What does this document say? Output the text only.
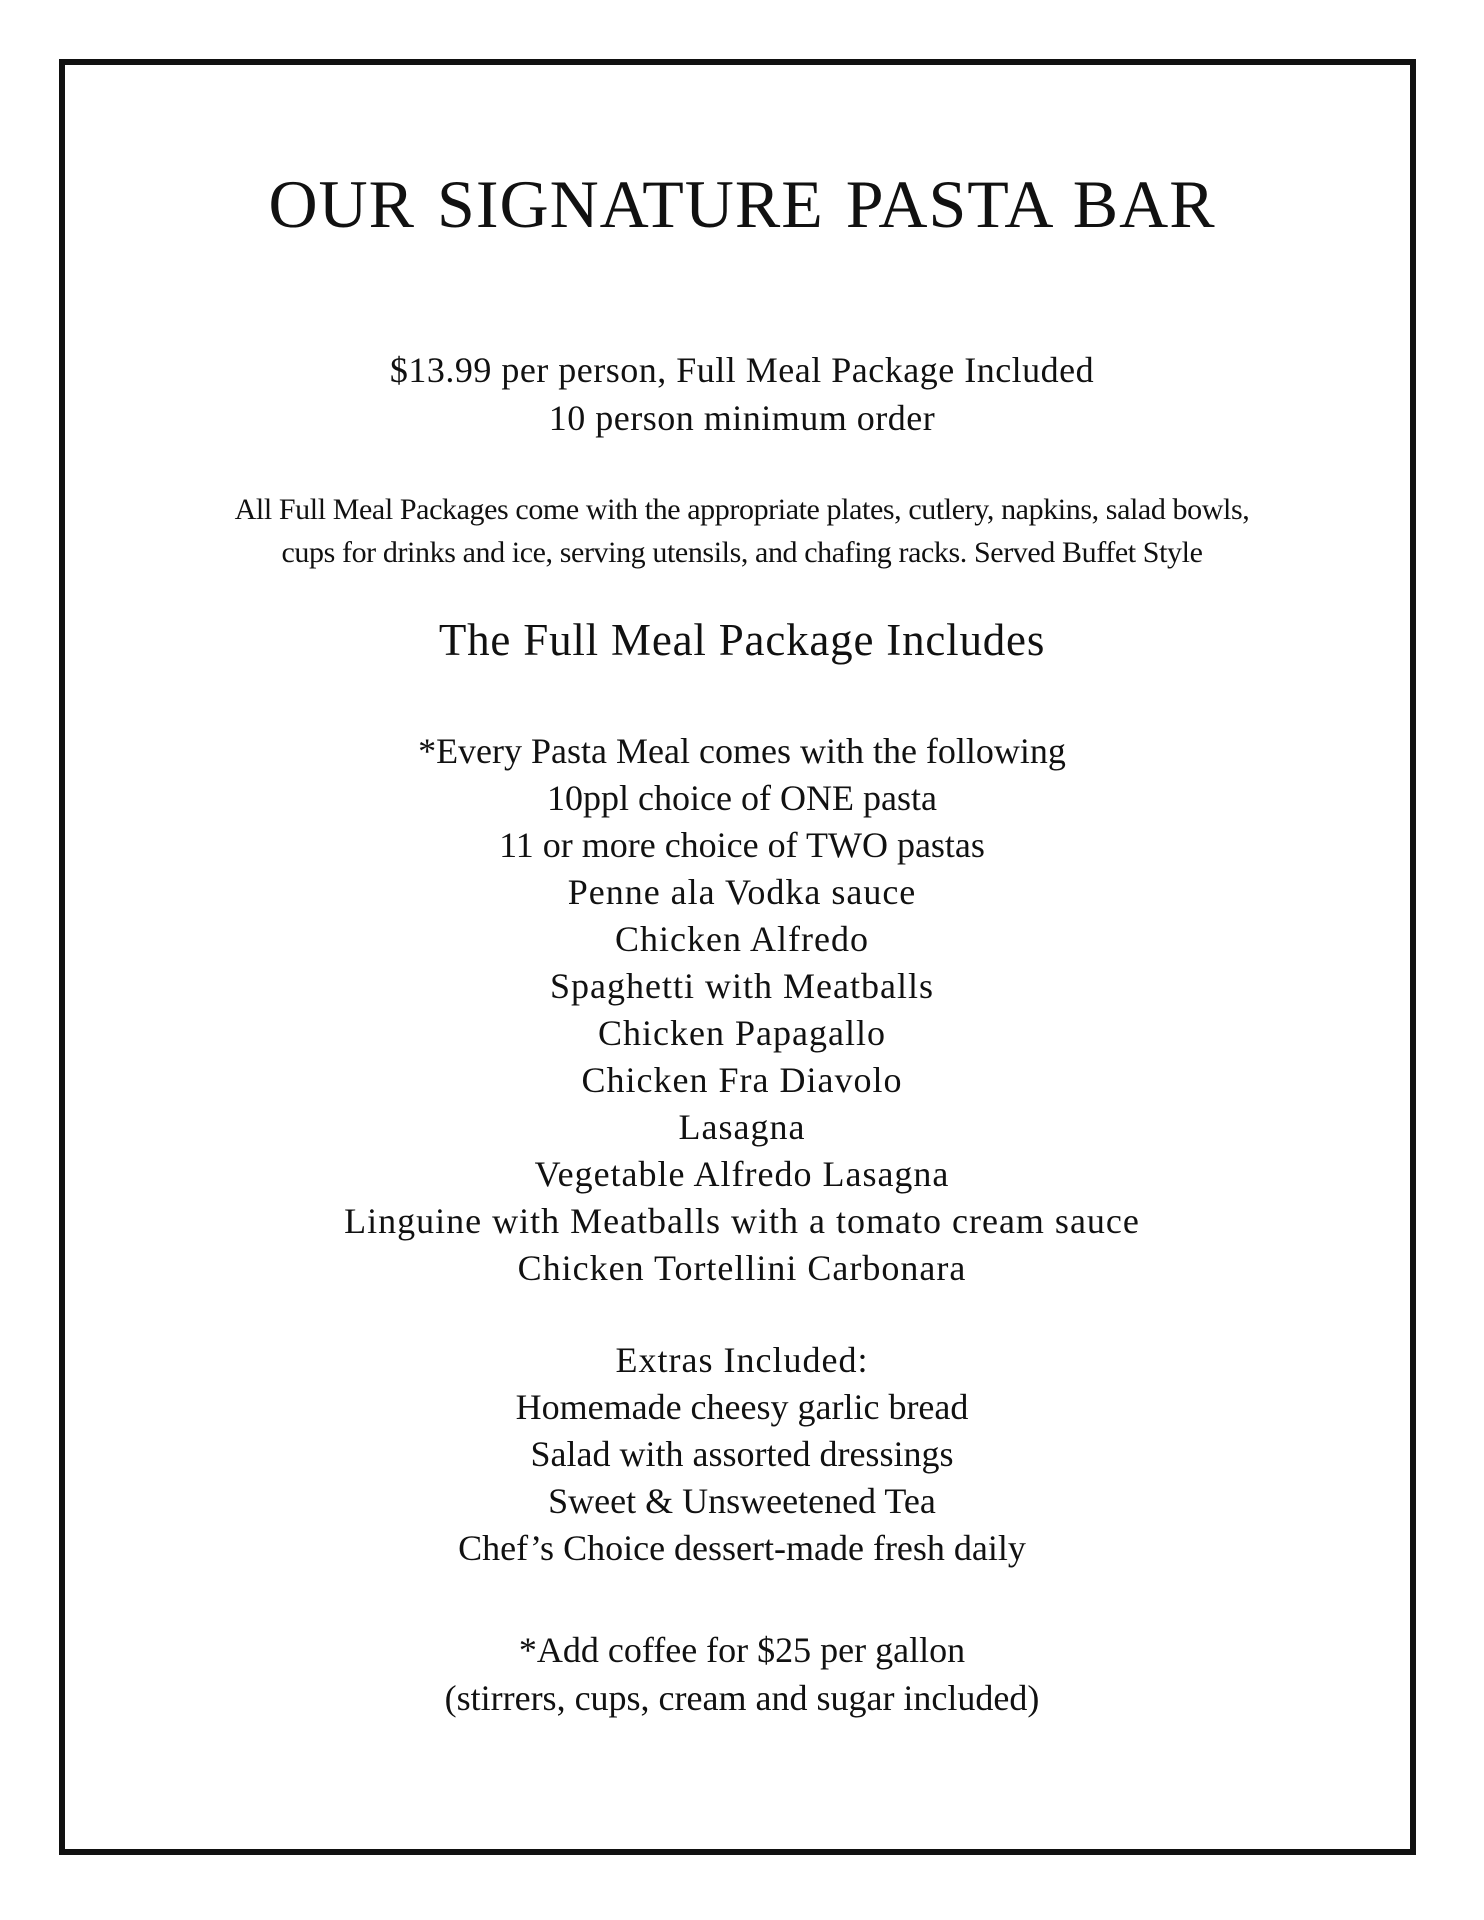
OUR SIGNATURE PASTA BAR
$13.99 per person, Full Meal Package Included
10 person minimum order
All Full Meal Packages come with the appropriate plates, cutlery, napkins, salad bowls,
cups for drinks and ice, serving utensils, and chafing racks. Served Buffet Style
The Full Meal Package Includes
*Every Pasta Meal comes with the following
10ppl choice of ONE pasta
11 or more choice of TWO pastas
Penne ala Vodka sauce
Chicken Alfredo
Spaghetti with Meatballs
Chicken Papagallo
Chicken Fra Diavolo
Lasagna
Vegetable Alfredo Lasagna
Linguine with Meatballs with a tomato cream sauce
Chicken Tortellini Carbonara
Extras Included:
Homemade cheesy garlic bread
Salad with assorted dressings
Sweet & Unsweetened Tea
Chef’s Choice dessert-made fresh daily
*Add coffee for $25 per gallon
(stirrers, cups, cream and sugar included)
